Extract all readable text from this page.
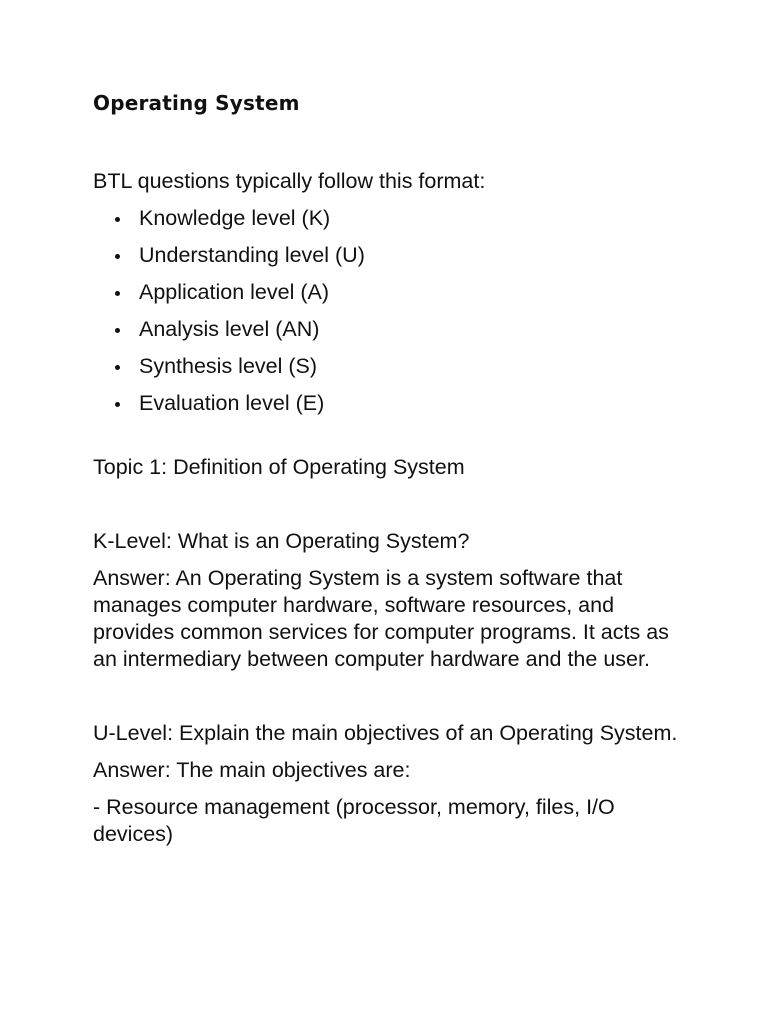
Operating System

BTL questions typically follow this format:

Knowledge level (K)
Understanding level (U)
Application level (A)
Analysis level (AN)
Synthesis level (S)
Evaluation level (E)

Topic 1: Definition of Operating System

K-Level: What is an Operating System?

Answer: An Operating System is a system software that manages computer hardware, software resources, and provides common services for computer programs. It acts as an intermediary between computer hardware and the user.

U-Level: Explain the main objectives of an Operating System.

Answer: The main objectives are:

- Resource management (processor, memory, files, I/O devices)
